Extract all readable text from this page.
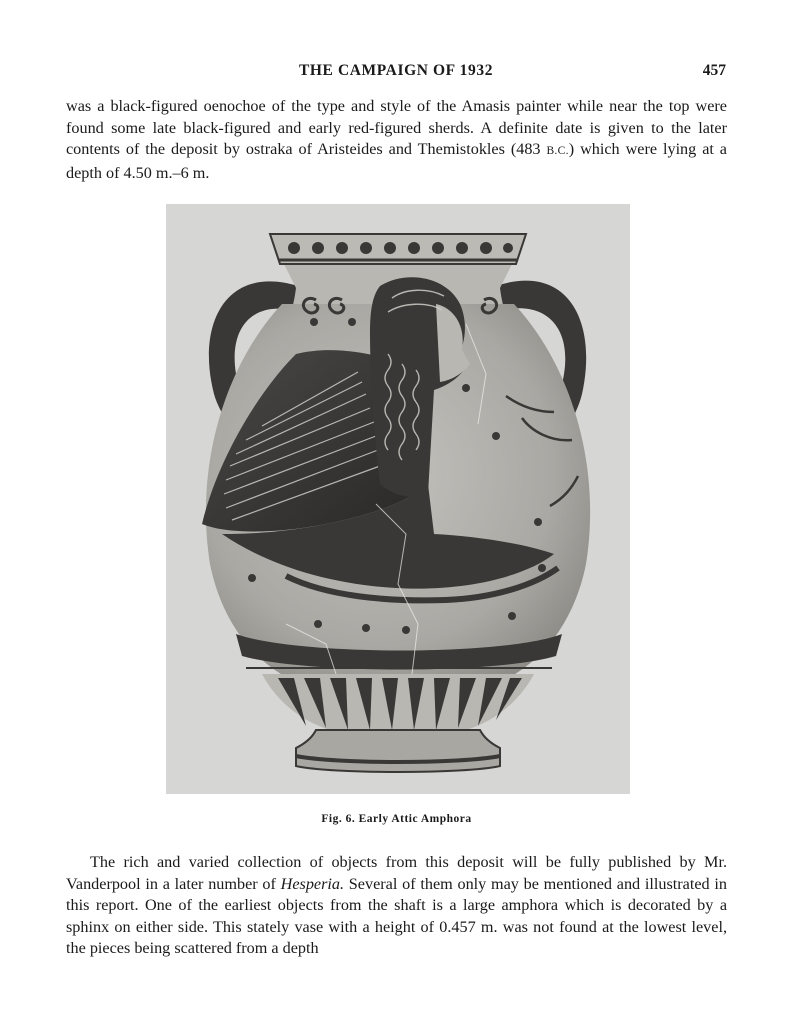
THE CAMPAIGN OF 1932	457

was a black-figured oenochoe of the type and style of the Amasis painter while near the top were found some late black-figured and early red-figured sherds. A definite date is given to the later contents of the deposit by ostraka of Aristeides and Themistokles (483 B.C.) which were lying at a depth of 4.50 m.–6 m.

Fig. 6. Early Attic Amphora

The rich and varied collection of objects from this deposit will be fully published by Mr. Vanderpool in a later number of Hesperia. Several of them only may be mentioned and illustrated in this report. One of the earliest objects from the shaft is a large amphora which is decorated by a sphinx on either side. This stately vase with a height of 0.457 m. was not found at the lowest level, the pieces being scattered from a depth
